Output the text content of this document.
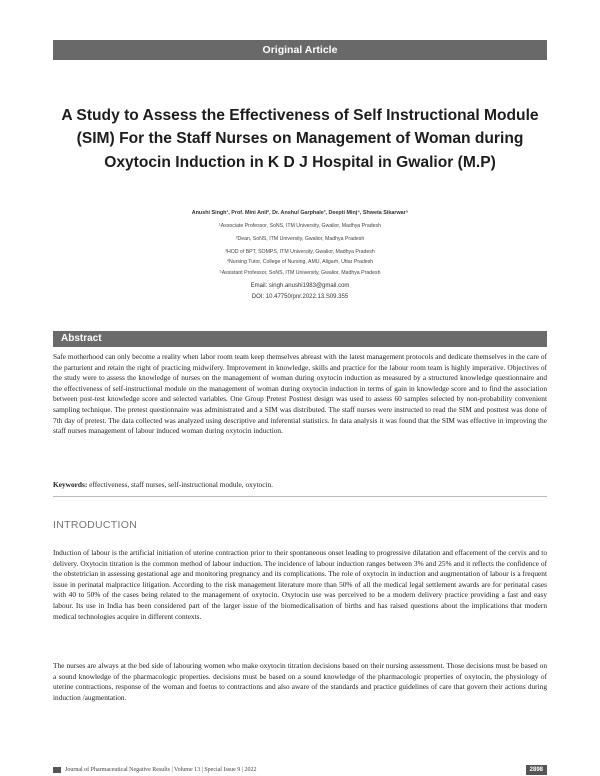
Original Article
A Study to Assess the Effectiveness of Self Instructional Module (SIM) For the Staff Nurses on Management of Woman during Oxytocin Induction in K D J Hospital in Gwalior (M.P)
Anushi Singh¹, Prof. Mini Anil², Dr. Anshul Garphale³, Deepti Minj⁴, Shweta Sikarwar⁵
¹Associate Professor, SoNS, ITM University, Gwalior, Madhya Pradesh
²Dean, SoNS, ITM University, Gwalior, Madhya Pradesh
³HOD of BPT, SOMPS, ITM University, Gwalior, Madhya Pradesh
⁴Nursing Tutor, College of Nursing, AMU, Aligarh, Uttar Pradesh
⁵Assistant Professor, SoNS, ITM University, Gwalior, Madhya Pradesh
Email: singh.anushi1983@gmail.com
DOI: 10.47750/pnr.2022.13.S09.355
Abstract
Safe motherhood can only become a reality when labor room team keep themselves abreast with the latest management protocols and dedicate themselves in the care of the parturient and retain the right of practicing midwifery. Improvement in knowledge, skills and practice for the labour room team is highly imperative. Objectives of the study were to assess the knowledge of nurses on the management of woman during oxytocin induction as measured by a structured knowledge questionnaire and the effectiveness of self-instructional module on the management of woman during oxytocin induction in terms of gain in knowledge score and to find the association between post-test knowledge score and selected variables. One Group Pretest Posttest design was used to assess 60 samples selected by non-probability convenient sampling technique. The pretest questionnaire was administrated and a SIM was distributed. The staff nurses were instructed to read the SIM and posttest was done of 7th day of pretest. The data collected was analyzed using descriptive and inferential statistics. In data analysis it was found that the SIM was effective in improving the staff nurses management of labour induced woman during oxytocin induction.
Keywords: effectiveness, staff nurses, self-instructional module, oxytocin.
INTRODUCTION
Induction of labour is the artificial initiation of uterine contraction prior to their spontaneous onset leading to progressive dilatation and effacement of the cervix and to delivery. Oxytocin titration is the common method of labour induction. The incidence of labour induction ranges between 3% and 25% and it reflects the confidence of the obstetrician in assessing gestational age and monitoring pregnancy and its complications. The role of oxytocin in induction and augmentation of labour is a frequent issue in perinatal malpractice litigation. According to the risk management literature more than 50% of all the medical legal settlement awards are for perinatal cases with 40 to 50% of the cases being related to the management of oxytocin. Oxytocin use was perceived to be a modern delivery practice providing a fast and easy labour. Its use in India has been considered part of the larger issue of the biomedicalisation of births and has raised questions about the implications that modern medical technologies acquire in different contexts.
The nurses are always at the bed side of labouring women who make oxytocin titration decisions based on their nursing assessment. Those decisions must be based on a sound knowledge of the pharmacologic properties. decisions must be based on a sound knowledge of the pharmacologic properties of oxytocin, the physiology of uterine contractions, response of the woman and foetus to contractions and also aware of the standards and practice guidelines of care that govern their actions during induction /augmentation.
Journal of Pharmaceutical Negative Results | Volume 13 | Special Issue 9 | 2022	2898
